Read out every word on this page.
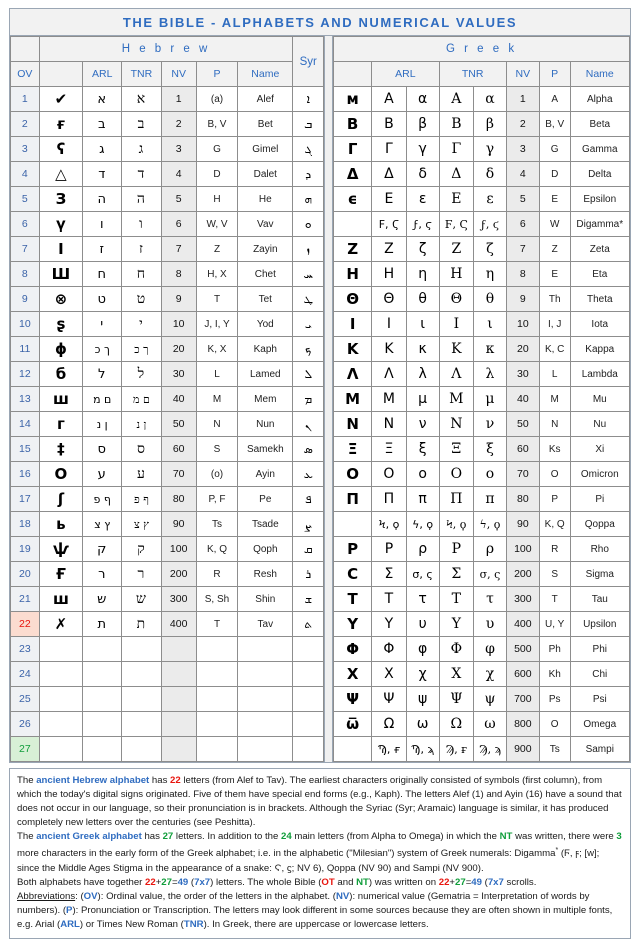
THE BIBLE - ALPHABETS AND NUMERICAL VALUES
	H e b r e w						Syr
OV		ARL	TNR	NV	P	Name	
1	✔	א	א	1	(a)	Alef	ܐ
2	ғ	ב	ב	2	B, V	Bet	ܒ
3	ʕ	ג	ג	3	G	Gimel	ܓ
4	△	ד	ד	4	D	Dalet	ܕ
5	З	ה	ה	5	H	He	ܗ
6	ү	ו	ו	6	W, V	Vav	ܘ
7	I	ז	ז	7	Z	Zayin	ܙ
8	Ш	ח	ח	8	H, X	Chet	ܚ
9	⊗	ט	ט	9	T	Tet	ܛ
10	ʂ	י	י	10	J, I, Y	Yod	ܝ
11	ɸ	ך כ	ך כ	20	K, X	Kaph	ܟ
12	б	ל	ל	30	L	Lamed	ܠ
13	ш	ם מ	ם מ	40	M	Mem	ܡ
14	г	ן נ	ן נ	50	N	Nun	ܢ
15	‡	ס	ס	60	S	Samekh	ܣ
16	O	ע	ע	70	(o)	Ayin	ܥ
17	ʃ	ף פ	ף פ	80	P, F	Pe	ܦ
18	ь	ץ צ	ץ צ	90	Ts	Tsade	ܨ
19	ѱ	ק	ק	100	K, Q	Qoph	ܩ
20	Ғ	ר	ר	200	R	Resh	ܪ
21	ш	ש	ש	300	S, Sh	Shin	ܫ
22	✗	ת	ת	400	T	Tav	ܬ
23							
24							
25							
26							
27							
G r e e k							
	ARL		TNR		NV	P	Name
ᴍ	Α	α	Α	α	1	A	Alpha
Β	Β	β	Β	β	2	B, V	Beta
Γ	Γ	γ	Γ	γ	3	G	Gamma
Δ	Δ	δ	Δ	δ	4	D	Delta
ϵ	Ε	ε	Ε	ε	5	E	Epsilon
	Ϝ, Ϛ	ϝ, ϛ	Ϝ, Ϛ	ϝ, ϛ	6	W	Digamma*
Ζ	Ζ	ζ	Ζ	ζ	7	Z	Zeta
Η	Η	η	Η	η	8	E	Eta
Θ	Θ	θ	Θ	θ	9	Th	Theta
I	Ι	ι	Ι	ι	10	I, J	Iota
Κ	Κ	κ	Κ	κ	20	K, C	Kappa
Λ	Λ	λ	Λ	λ	30	L	Lambda
Μ	Μ	μ	Μ	μ	40	M	Mu
Ν	Ν	ν	Ν	ν	50	N	Nu
Ξ	Ξ	ξ	Ξ	ξ	60	Ks	Xi
Ο	Ο	ο	Ο	ο	70	O	Omicron
Π	Π	π	Π	π	80	P	Pi
	Ϟ, ϙ	ϟ, ϙ	Ϟ, ϙ	ϟ, ϙ	90	K, Q	Qoppa
Ρ	Ρ	ρ	Ρ	ρ	100	R	Rho
Ϲ	Σ	σ, ς	Σ	σ, ς	200	S	Sigma
Τ	Τ	τ	Τ	τ	300	T	Tau
Υ	Υ	υ	Υ	υ	400	U, Y	Upsilon
Φ	Φ	φ	Φ	φ	500	Ph	Phi
Χ	Χ	χ	Χ	χ	600	Kh	Chi
Ψ	Ψ	ψ	Ψ	ψ	700	Ps	Psi
ω̅	Ω	ω	Ω	ω	800	O	Omega
	Ϡ, ғ	Ϡ, ϡ	Ϡ, ғ	Ϡ, ϡ	900	Ts	Sampi

The ancient Hebrew alphabet has 22 letters (from Alef to Tav). The earliest characters originally consisted of symbols (first column), from which the today's digital signs originated. Five of them have special end forms (e.g., Kaph). The letters Alef (1) and Ayin (16) have a sound that does not occur in our language, so their pronunciation is in brackets. Although the Syriac (Syr; Aramaic) language is similar, it has produced completely new letters over the centuries (see Peshitta).

The ancient Greek alphabet has 27 letters. In addition to the 24 main letters (from Alpha to Omega) in which the NT was written, there were 3 more characters in the early form of the Greek alphabet; i.e. in the alphabetic ("Milesian") system of Greek numerals: Digamma* (Ϝ, ϝ; [w]; since the Middle Ages Stigma in the appearance of a snake: Ϛ, ϛ; NV 6), Qoppa (NV 90) and Sampi (NV 900).

Both alphabets have together 22+27=49 (7x7) letters. The whole Bible (OT and NT) was written on 22+27=49 (7x7 scrolls.

Abbreviations: (OV): Ordinal value, the order of the letters in the alphabet. (NV): numerical value (Gematria = Interpretation of words by numbers). (P): Pronunciation or Transcription. The letters may look different in some sources because they are often shown in multiple fonts, e.g. Arial (ARL) or Times New Roman (TNR). In Greek, there are uppercase or lowercase letters.
